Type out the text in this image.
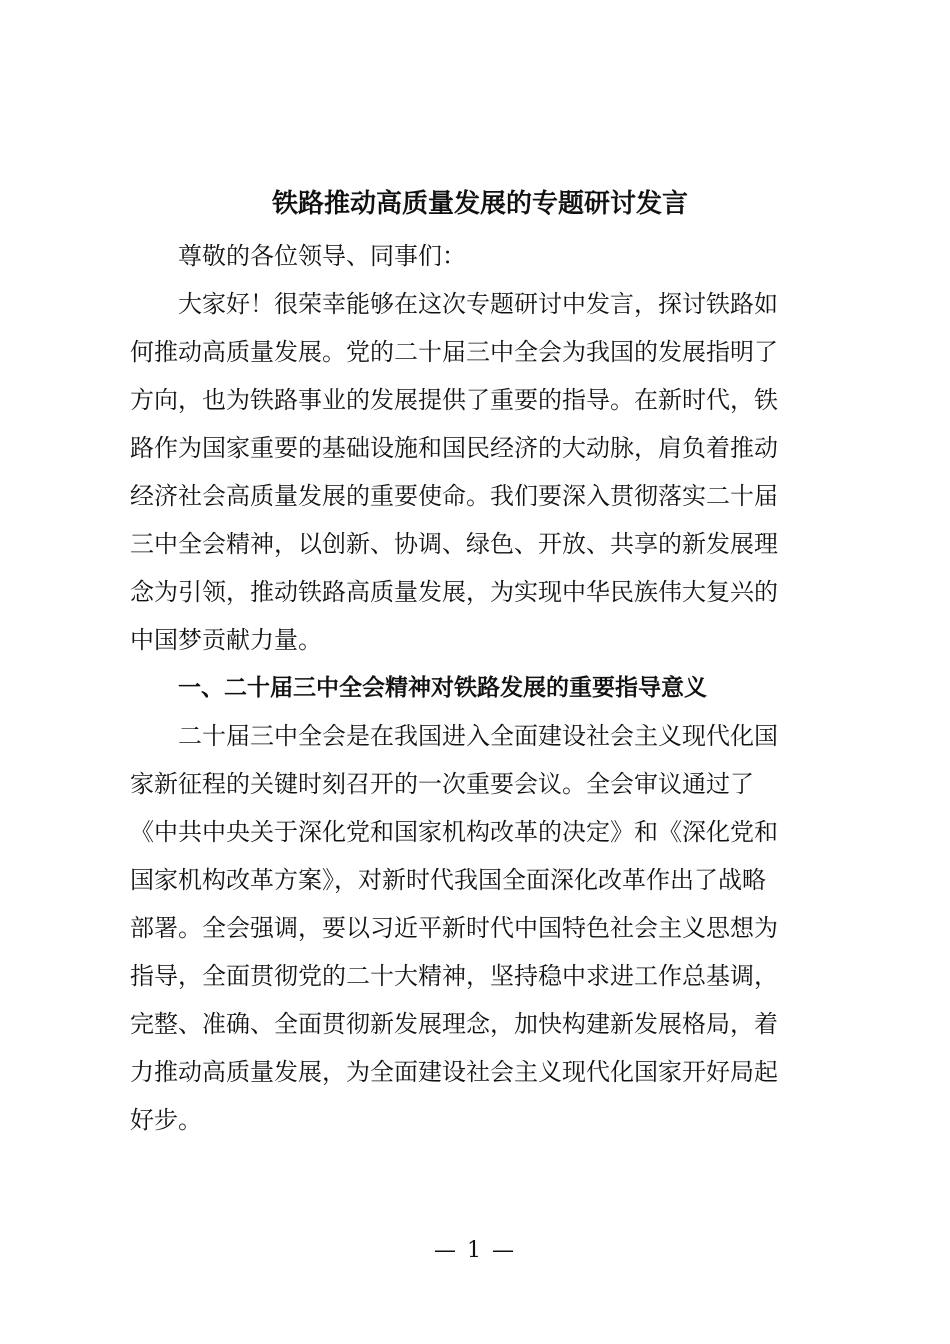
铁路推动高质量发展的专题研讨发言

尊敬的各位领导、同事们：

大家好！很荣幸能够在这次专题研讨中发言，探讨铁路如
何推动高质量发展。党的二十届三中全会为我国的发展指明了
方向，也为铁路事业的发展提供了重要的指导。在新时代，铁
路作为国家重要的基础设施和国民经济的大动脉，肩负着推动
经济社会高质量发展的重要使命。我们要深入贯彻落实二十届
三中全会精神，以创新、协调、绿色、开放、共享的新发展理
念为引领，推动铁路高质量发展，为实现中华民族伟大复兴的
中国梦贡献力量。

一、二十届三中全会精神对铁路发展的重要指导意义

二十届三中全会是在我国进入全面建设社会主义现代化国
家新征程的关键时刻召开的一次重要会议。全会审议通过了
《中共中央关于深化党和国家机构改革的决定》和《深化党和
国家机构改革方案》，对新时代我国全面深化改革作出了战略
部署。全会强调，要以习近平新时代中国特色社会主义思想为
指导，全面贯彻党的二十大精神，坚持稳中求进工作总基调，
完整、准确、全面贯彻新发展理念，加快构建新发展格局，着
力推动高质量发展，为全面建设社会主义现代化国家开好局起
好步。

— 1 —
